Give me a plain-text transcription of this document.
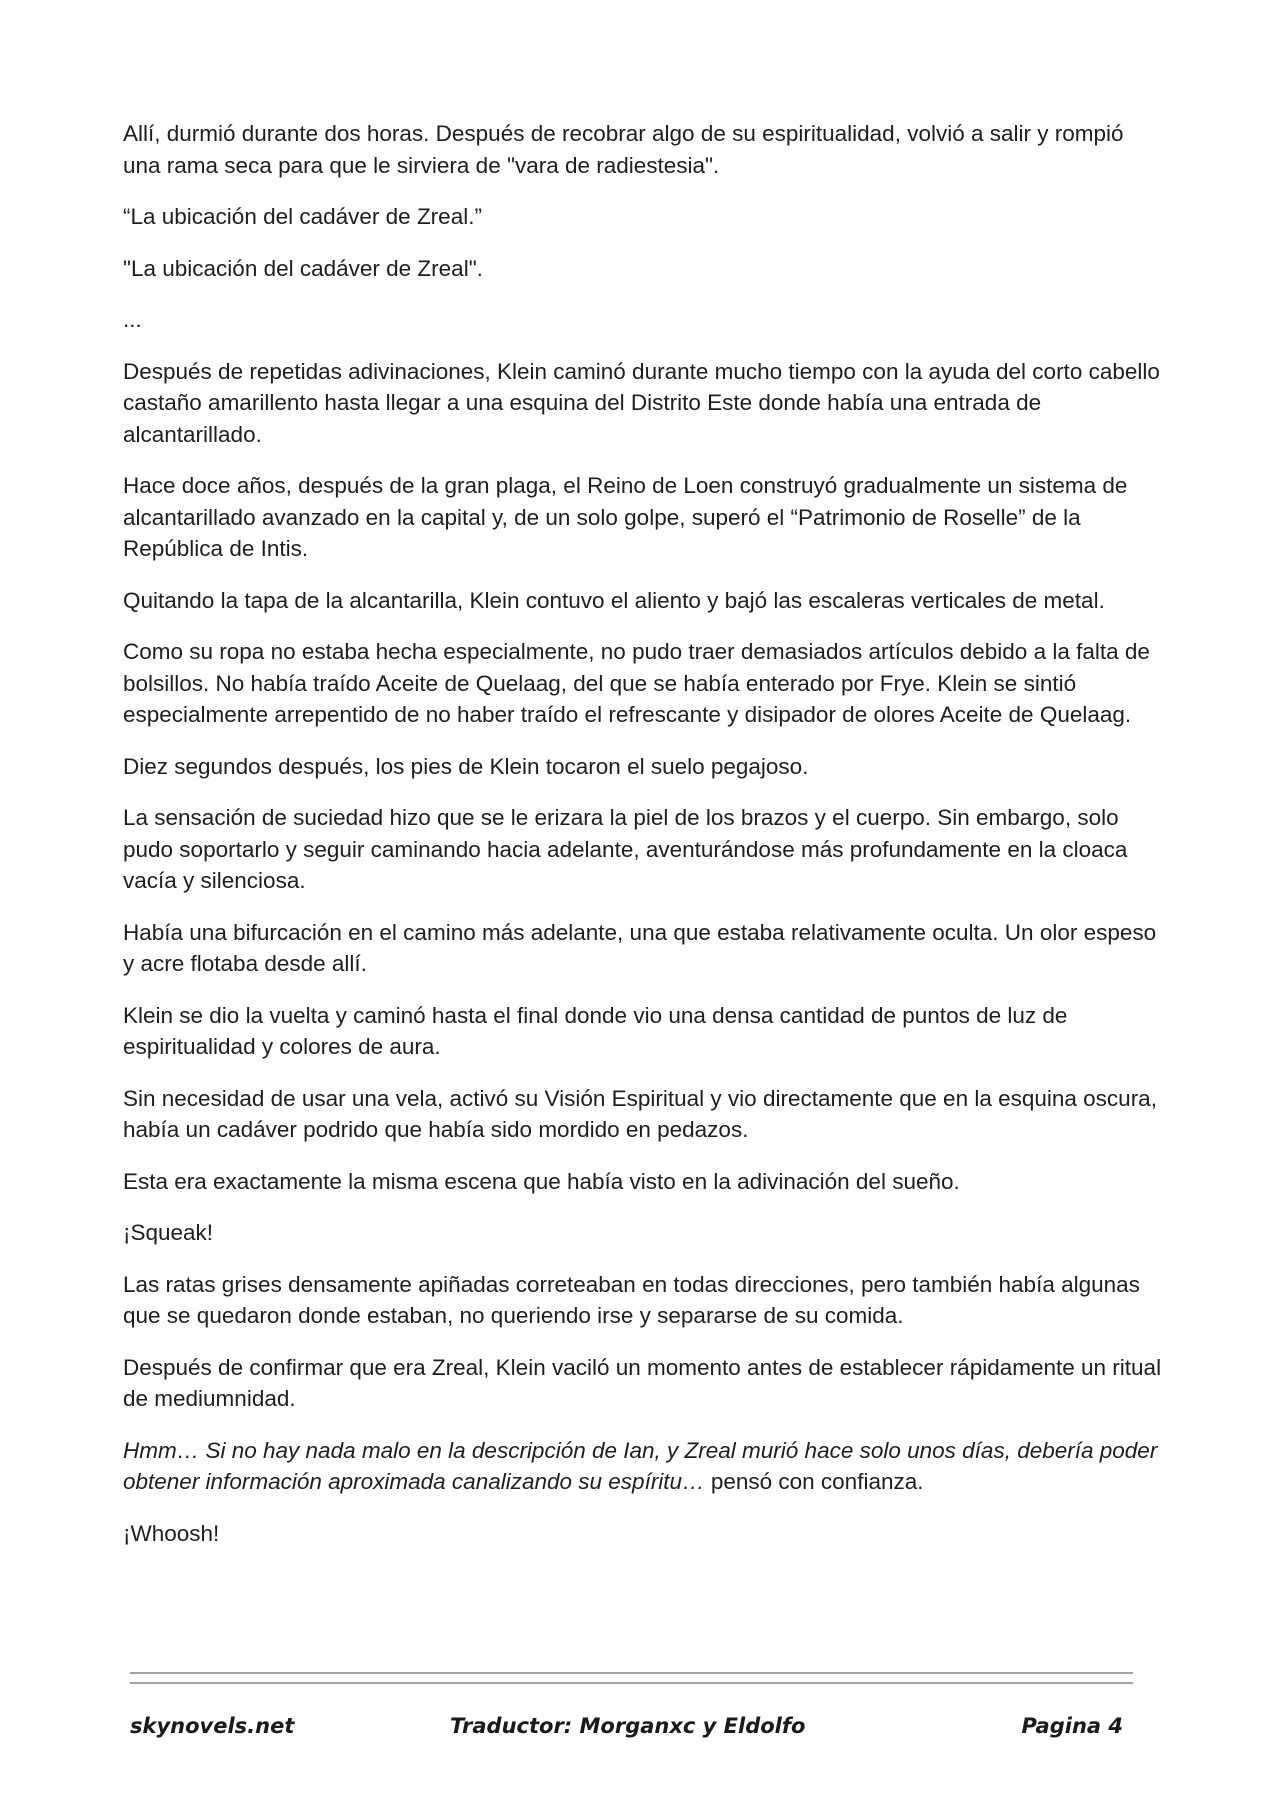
Allí, durmió durante dos horas. Después de recobrar algo de su espiritualidad, volvió a salir y rompió una rama seca para que le sirviera de "vara de radiestesia".

“La ubicación del cadáver de Zreal.”

"La ubicación del cadáver de Zreal".

...

Después de repetidas adivinaciones, Klein caminó durante mucho tiempo con la ayuda del corto cabello castaño amarillento hasta llegar a una esquina del Distrito Este donde había una entrada de alcantarillado.

Hace doce años, después de la gran plaga, el Reino de Loen construyó gradualmente un sistema de alcantarillado avanzado en la capital y, de un solo golpe, superó el “Patrimonio de Roselle” de la República de Intis.

Quitando la tapa de la alcantarilla, Klein contuvo el aliento y bajó las escaleras verticales de metal.

Como su ropa no estaba hecha especialmente, no pudo traer demasiados artículos debido a la falta de bolsillos. No había traído Aceite de Quelaag, del que se había enterado por Frye. Klein se sintió especialmente arrepentido de no haber traído el refrescante y disipador de olores Aceite de Quelaag.

Diez segundos después, los pies de Klein tocaron el suelo pegajoso.

La sensación de suciedad hizo que se le erizara la piel de los brazos y el cuerpo. Sin embargo, solo pudo soportarlo y seguir caminando hacia adelante, aventurándose más profundamente en la cloaca vacía y silenciosa.

Había una bifurcación en el camino más adelante, una que estaba relativamente oculta. Un olor espeso y acre flotaba desde allí.

Klein se dio la vuelta y caminó hasta el final donde vio una densa cantidad de puntos de luz de espiritualidad y colores de aura.

Sin necesidad de usar una vela, activó su Visión Espiritual y vio directamente que en la esquina oscura, había un cadáver podrido que había sido mordido en pedazos.

Esta era exactamente la misma escena que había visto en la adivinación del sueño.

¡Squeak!

Las ratas grises densamente apiñadas correteaban en todas direcciones, pero también había algunas que se quedaron donde estaban, no queriendo irse y separarse de su comida.

Después de confirmar que era Zreal, Klein vaciló un momento antes de establecer rápidamente un ritual de mediumnidad.

Hmm… Si no hay nada malo en la descripción de Ian, y Zreal murió hace solo unos días, debería poder obtener información aproximada canalizando su espíritu… pensó con confianza.

¡Whoosh!

skynovels.net	Traductor: Morganxc y Eldolfo	Pagina 4
